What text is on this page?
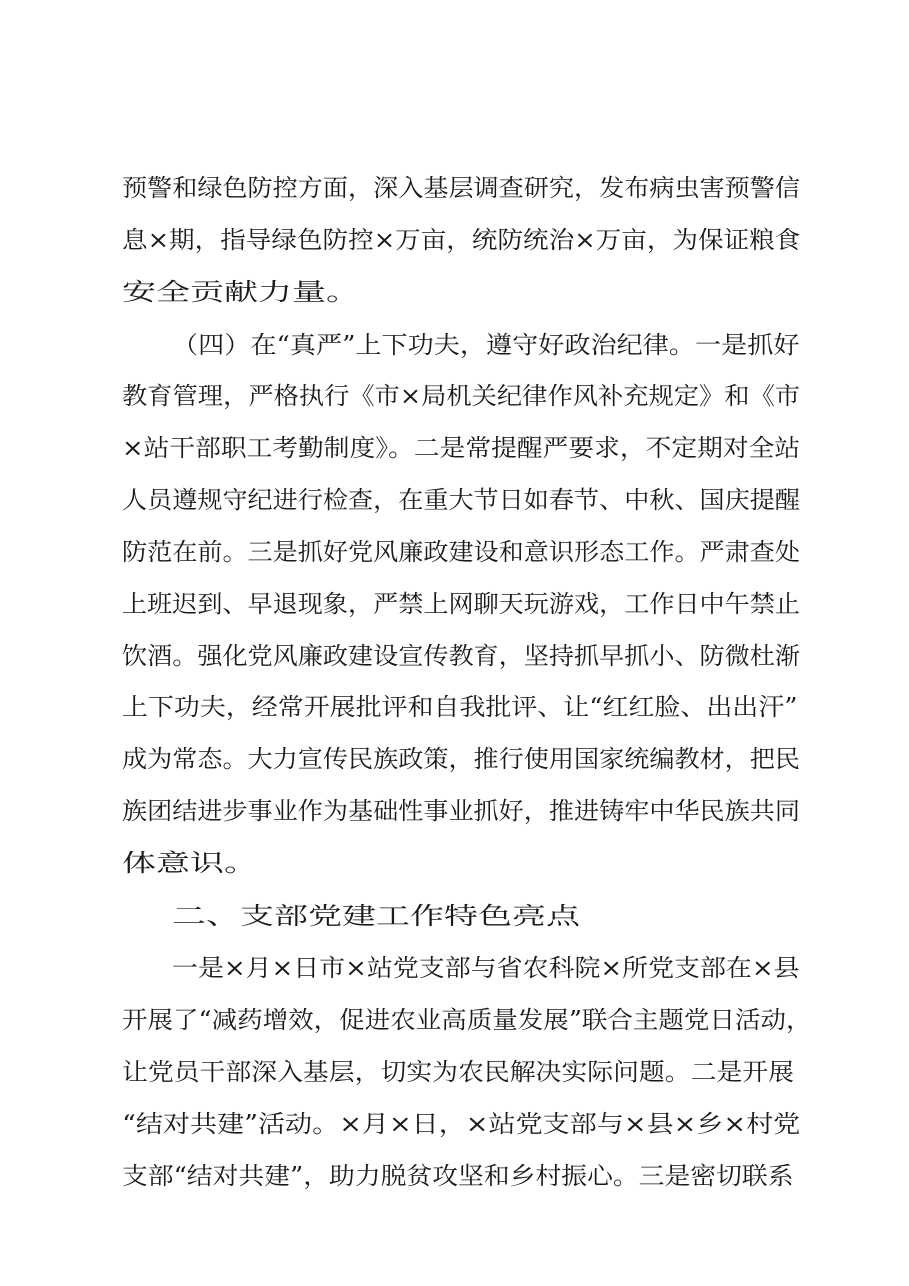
预警和绿色防控方面，深入基层调查研究，发布病虫害预警信
息×期，指导绿色防控×万亩，统防统治×万亩，为保证粮食
安全贡献力量。
（四）在“真严”上下功夫，遵守好政治纪律。一是抓好
教育管理，严格执行《市×局机关纪律作风补充规定》和《市
×站干部职工考勤制度》。二是常提醒严要求，不定期对全站
人员遵规守纪进行检查，在重大节日如春节、中秋、国庆提醒
防范在前。三是抓好党风廉政建设和意识形态工作。严肃查处
上班迟到、早退现象，严禁上网聊天玩游戏，工作日中午禁止
饮酒。强化党风廉政建设宣传教育，坚持抓早抓小、防微杜渐
上下功夫，经常开展批评和自我批评、让“红红脸、出出汗”
成为常态。大力宣传民族政策，推行使用国家统编教材，把民
族团结进步事业作为基础性事业抓好，推进铸牢中华民族共同
体意识。
二、支部党建工作特色亮点
一是×月×日市×站党支部与省农科院×所党支部在×县
开展了“减药增效，促进农业高质量发展”联合主题党日活动，
让党员干部深入基层，切实为农民解决实际问题。二是开展
“结对共建”活动。×月×日，×站党支部与×县×乡×村党
支部“结对共建”，助力脱贫攻坚和乡村振心。三是密切联系
